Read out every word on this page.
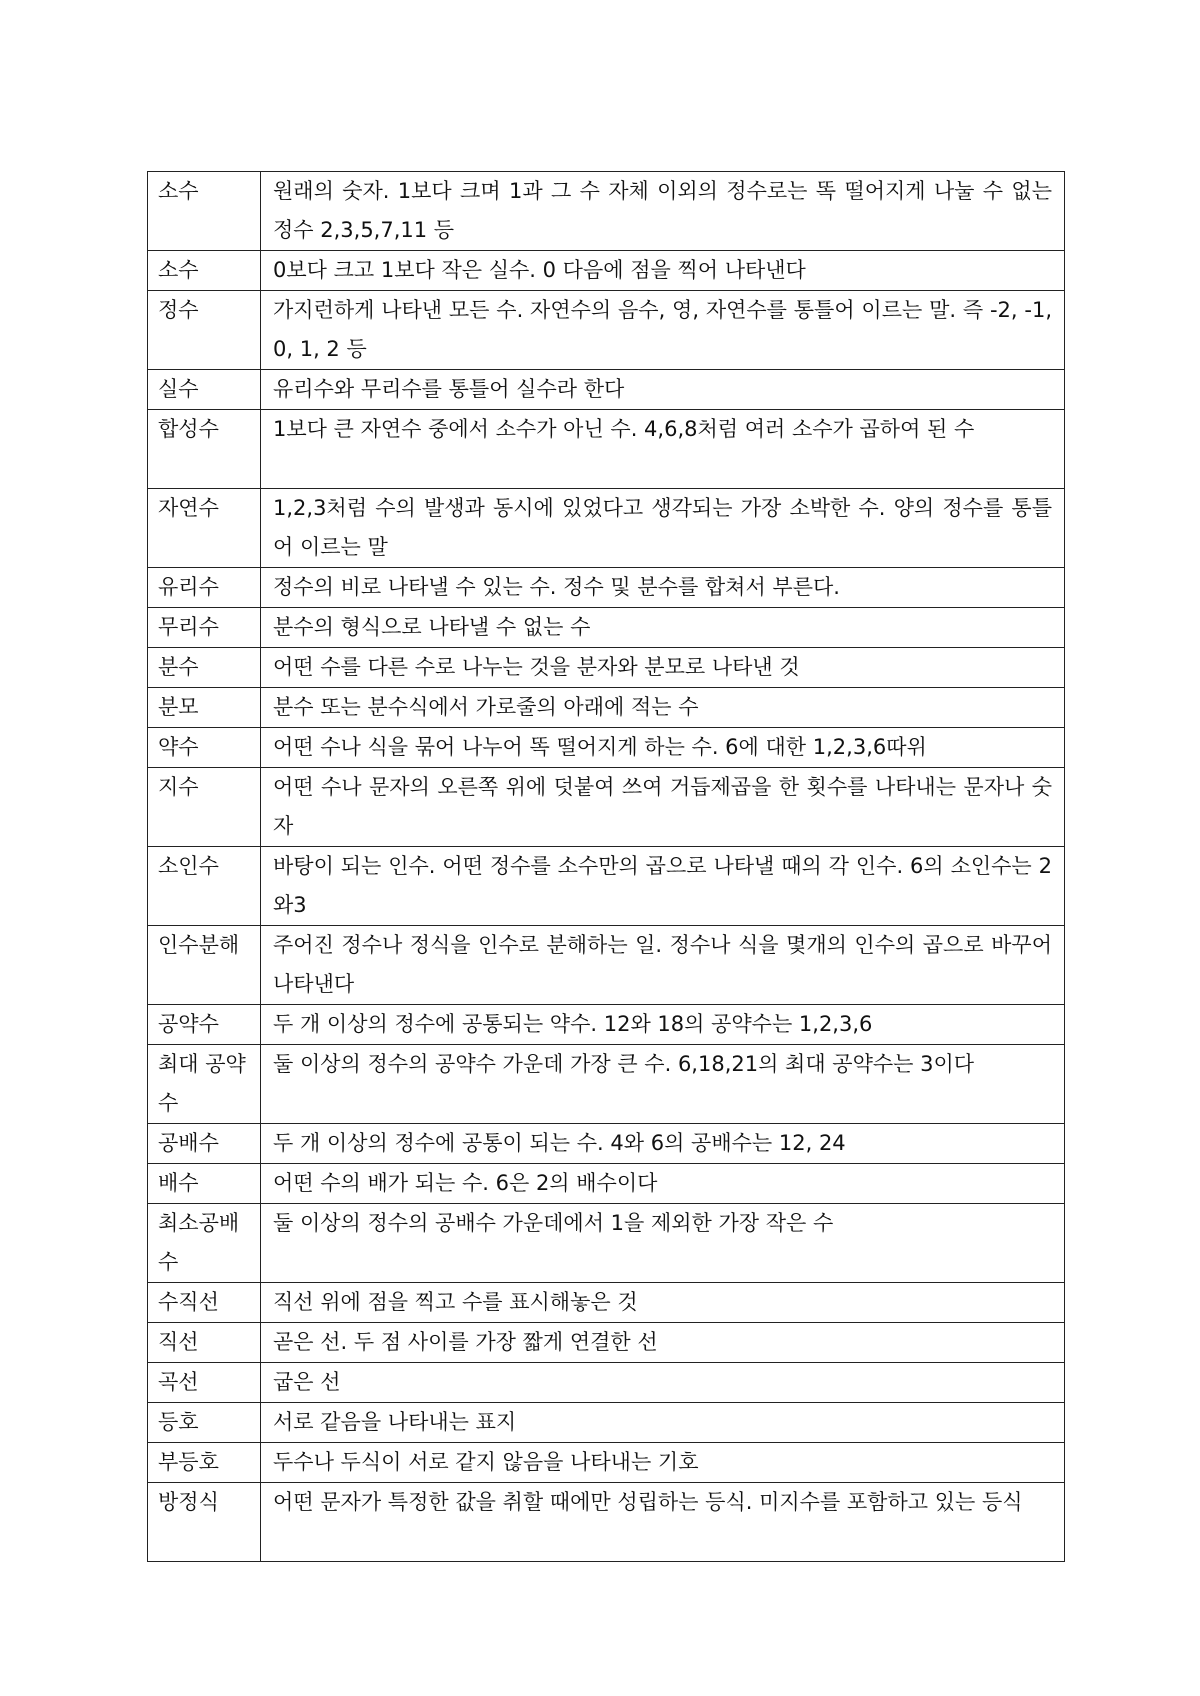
소수	원래의 숫자. 1보다 크며 1과 그 수 자체 이외의 정수로는 똑 떨어지게 나눌 수 없는 정수 2,3,5,7,11 등
소수	0보다 크고 1보다 작은 실수. 0 다음에 점을 찍어 나타낸다
정수	가지런하게 나타낸 모든 수. 자연수의 음수, 영, 자연수를 통틀어 이르는 말. 즉 -2, -1, 0, 1, 2 등
실수	유리수와 무리수를 통틀어 실수라 한다
합성수	1보다 큰 자연수 중에서 소수가 아닌 수. 4,6,8처럼 여러 소수가 곱하여 된 수
자연수	1,2,3처럼 수의 발생과 동시에 있었다고 생각되는 가장 소박한 수. 양의 정수를 통틀어 이르는 말
유리수	정수의 비로 나타낼 수 있는 수. 정수 및 분수를 합쳐서 부른다.
무리수	분수의 형식으로 나타낼 수 없는 수
분수	어떤 수를 다른 수로 나누는 것을 분자와 분모로 나타낸 것
분모	분수 또는 분수식에서 가로줄의 아래에 적는 수
약수	어떤 수나 식을 묶어 나누어 똑 떨어지게 하는 수. 6에 대한 1,2,3,6따위
지수	어떤 수나 문자의 오른쪽 위에 덧붙여 쓰여 거듭제곱을 한 횟수를 나타내는 문자나 숫자
소인수	바탕이 되는 인수. 어떤 정수를 소수만의 곱으로 나타낼 때의 각 인수. 6의 소인수는 2와3
인수분해	주어진 정수나 정식을 인수로 분해하는 일. 정수나 식을 몇개의 인수의 곱으로 바꾸어 나타낸다
공약수	두 개 이상의 정수에 공통되는 약수. 12와 18의 공약수는 1,2,3,6
최대 공약수	둘 이상의 정수의 공약수 가운데 가장 큰 수. 6,18,21의 최대 공약수는 3이다
공배수	두 개 이상의 정수에 공통이 되는 수. 4와 6의 공배수는 12, 24
배수	어떤 수의 배가 되는 수. 6은 2의 배수이다
최소공배수	둘 이상의 정수의 공배수 가운데에서 1을 제외한 가장 작은 수
수직선	직선 위에 점을 찍고 수를 표시해놓은 것
직선	곧은 선. 두 점 사이를 가장 짧게 연결한 선
곡선	굽은 선
등호	서로 같음을 나타내는 표지
부등호	두수나 두식이 서로 같지 않음을 나타내는 기호
방정식	어떤 문자가 특정한 값을 취할 때에만 성립하는 등식. 미지수를 포함하고 있는 등식
